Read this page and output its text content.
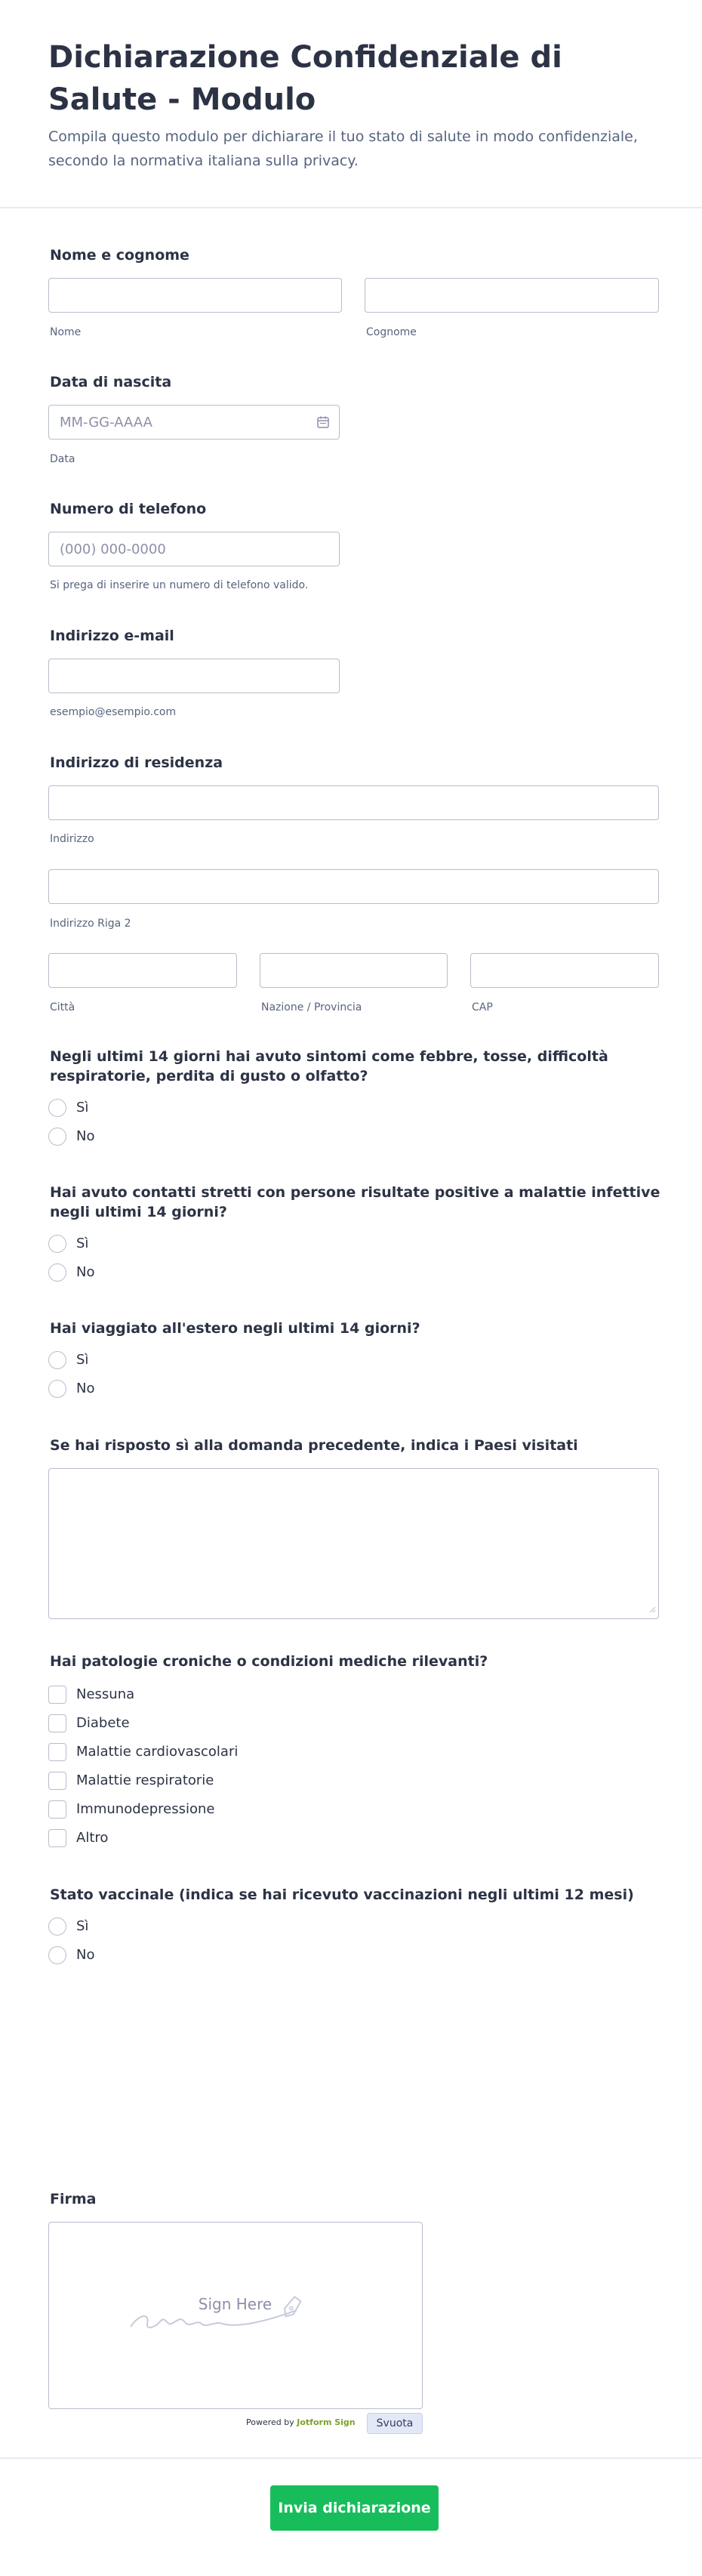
Dichiarazione Confidenziale di Salute - Modulo

Compila questo modulo per dichiarare il tuo stato di salute in modo confidenziale, secondo la normativa italiana sulla privacy.

Nome e cognome
Nome	Cognome
Data di nascita
MM-GG-AAAA
Data
Numero di telefono
(000) 000-0000
Si prega di inserire un numero di telefono valido.
Indirizzo e-mail
esempio@esempio.com
Indirizzo di residenza
Indirizzo
Indirizzo Riga 2
Città	Nazione / Provincia	CAP
Negli ultimi 14 giorni hai avuto sintomi come febbre, tosse, difficoltà respiratorie, perdita di gusto o olfatto?
Sì
No
Hai avuto contatti stretti con persone risultate positive a malattie infettive negli ultimi 14 giorni?
Sì
No
Hai viaggiato all'estero negli ultimi 14 giorni?
Sì
No
Se hai risposto sì alla domanda precedente, indica i Paesi visitati
Hai patologie croniche o condizioni mediche rilevanti?
Nessuna
Diabete
Malattie cardiovascolari
Malattie respiratorie
Immunodepressione
Altro
Stato vaccinale (indica se hai ricevuto vaccinazioni negli ultimi 12 mesi)
Sì
No
Firma
Sign Here
Powered by Jotform Sign	Svuota
Invia dichiarazione
